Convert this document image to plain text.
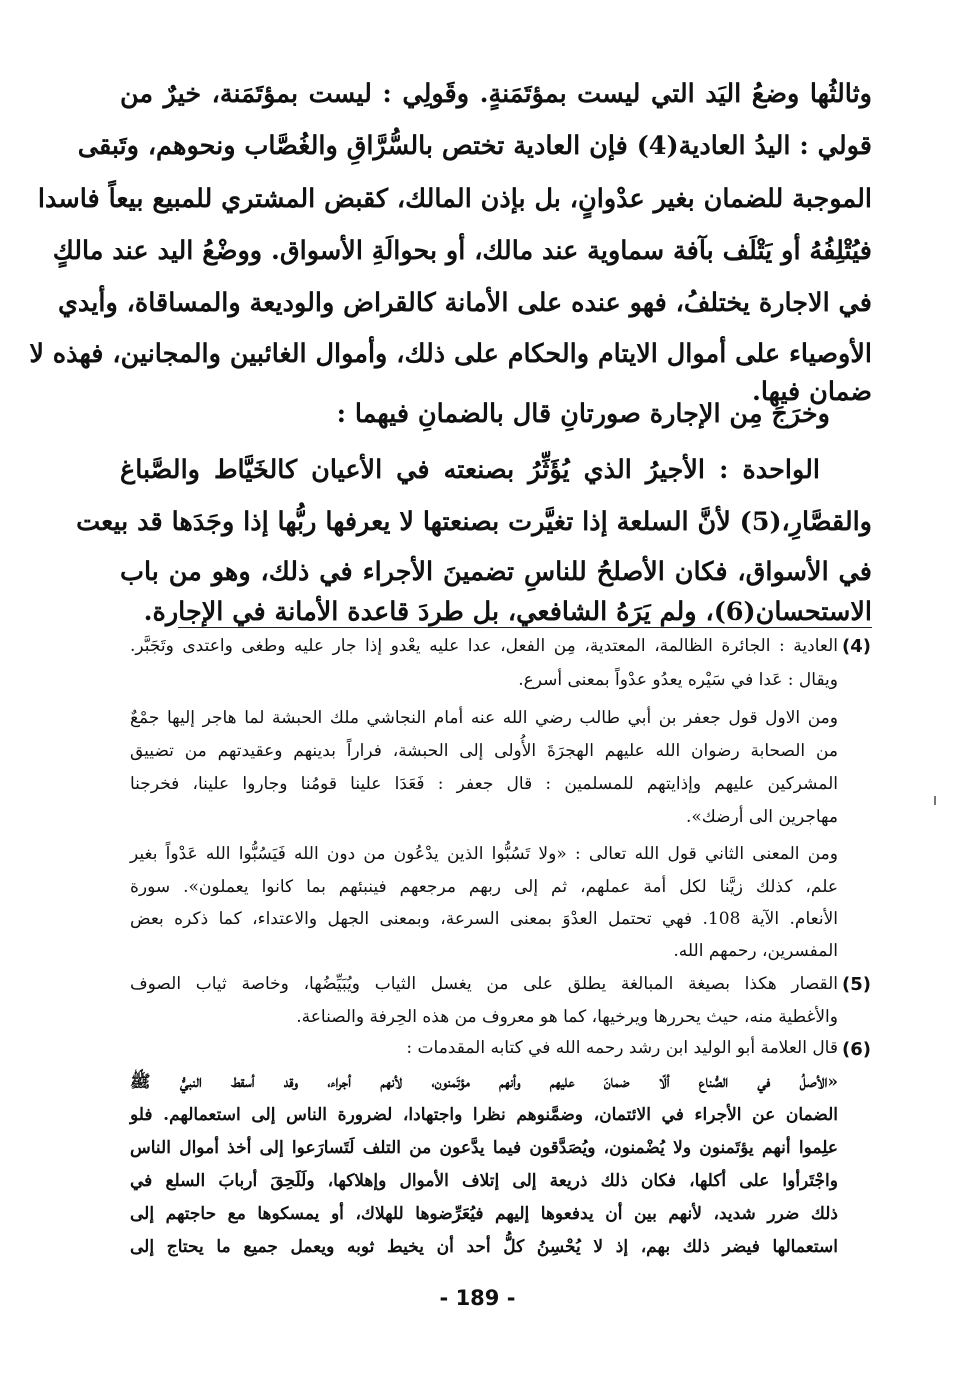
وثالثُها وضعُ اليَد التي ليست بمؤتَمَنةٍ. وقَولِي : ليست بمؤتَمَنة، خيرٌ من
قولي : اليدُ العادية(4) فإن العادية تختص بالسُّرَّاقِ والغُصَّاب ونحوهم، وتَبقى
الموجبة للضمان بغير عدْوانٍ، بل بإذن المالك، كقبض المشتري للمبيع بيعاً فاسدا
فيُتْلِفُهُ أو يَتْلَف بآفة سماوية عند مالك، أو بحوالَةِ الأسواق. ووضْعُ اليد عند مالكٍ
في الاجارة يختلفُ، فهو عنده على الأمانة كالقراض والوديعة والمساقاة، وأيدي
الأوصياء على أموال الايتام والحكام على ذلك، وأموال الغائبين والمجانين، فهذه لا
ضمان فيها.
وخرَجَ مِن الإجارة صورتانِ قال بالضمانِ فيهما :
الواحدة : الأجيرُ الذي يُؤَثِّرُ بصنعته في الأعيان كالخَيَّاط والصَّباغ
والقصَّارِ،(5) لأنَّ السلعة إذا تغيَّرت بصنعتها لا يعرفها ربُّها إذا وجَدَها قد بيعت
في الأسواق، فكان الأصلحُ للناسِ تضمينَ الأجراء في ذلك، وهو من باب
الاستحسان(6)، ولم يَرَهُ الشافعي، بل طردَ قاعدة الأمانة في الإجارة.
(4)
العادية : الجائرة الظالمة، المعتدية، مِن الفعل، عدا عليه يعْدو إذا جار عليه وطغى واعتدى وتَجَبَّر.
ويقال : عَدا في سَيْره يعدُو عدْواً بمعنى أسرع.
ومن الاول قول جعفر بن أبي طالب رضي الله عنه أمام النجاشي ملك الحبشة لما هاجر إليها جمْعٌ
من الصحابة رضوان الله عليهم الهجرَةَ الأُولى إلى الحبشة، فراراً بدينهم وعقيدتهم من تضييق
المشركين عليهم وإذايتهم للمسلمين : قال جعفر : فَعَدَا علينا قومُنا وجاروا علينا، فخرجنا
مهاجرين الى أرضك».
ومن المعنى الثاني قول الله تعالى : «ولا تَسُبُّوا الذين يدْعُون من دون الله فَيَسُبُّوا الله عَدْواً بغير
علم، كذلك زيَّنا لكل أمة عملهم، ثم إلى ربهم مرجعهم فينبئهم بما كانوا يعملون». سورة
الأنعام. الآية 108. فهي تحتمل العدْوَ بمعنى السرعة، وبمعنى الجهل والاعتداء، كما ذكره بعض
المفسرين، رحمهم الله.
(5)
القصار هكذا بصيغة المبالغة يطلق على من يغسل الثياب ويُبَيِّضُها، وخاصة ثياب الصوف
والأغطية منه، حيث يحررها ويرخيها، كما هو معروف من هذه الحِرفة والصناعة.
(6)
قال العلامة أبو الوليد ابن رشد رحمه الله في كتابه المقدمات :
«الأصلُ في الصُّناع ألّا ضمانَ عليهم وأنهم مؤتَمنون، لأنهم أجراء، وقد أسقط النبيُّ ﷺ
الضمان عن الأجراء في الائتمان، وضمَّنوهم نظرا واجتهادا، لضرورة الناس إلى استعمالهم. فلو
علِموا أنهم يؤتَمنون ولا يُضْمنون، ويُصَدَّقون فيما يدَّعون من التلف لَتَسارَعوا إلى أخذ أموال الناس
واجْتَرأوا على أكلها، فكان ذلك ذريعة إلى إتلاف الأموال وإهلاكها، ولَلَحِقَ أربابَ السلع في
ذلك ضرر شديد، لأنهم بين أن يدفعوها إليهم فيُعَرِّضوها للهلاك، أو يمسكوها مع حاجتهم إلى
استعمالها فيضر ذلك بهم، إذ لا يُحْسِنُ كلُّ أحد أن يخيط ثوبه ويعمل جميع ما يحتاج إلى
- 189 -
